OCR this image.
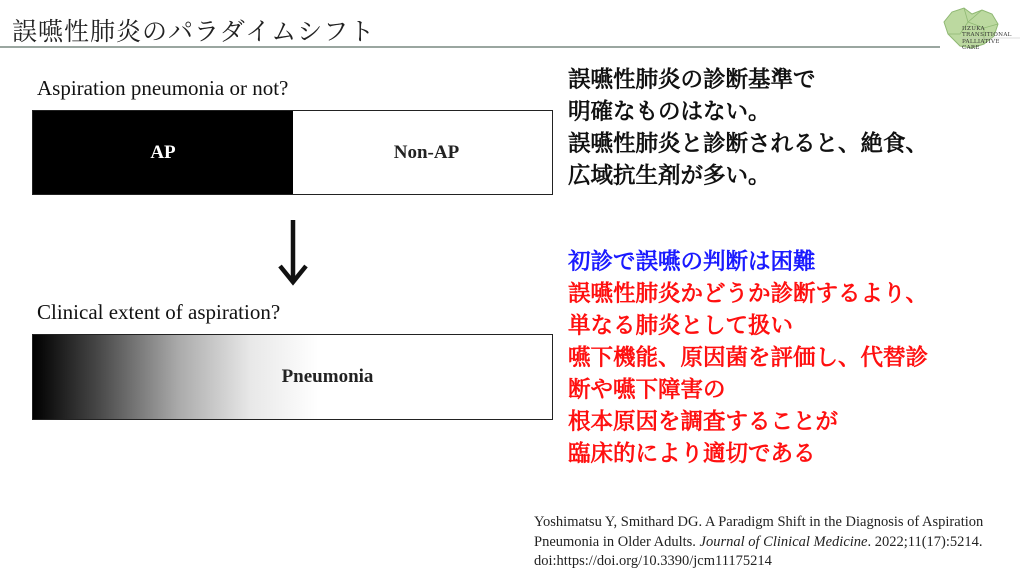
誤嚥性肺炎のパラダイムシフト	IIZUKA
TRANSITIONAL
PALLIATIVE
CARE
Aspiration pneumonia or not?
AP	Non-AP
Clinical extent of aspiration?
Pneumonia
誤嚥性肺炎の診断基準で
明確なものはない。
誤嚥性肺炎と診断されると、絶食、
広域抗生剤が多い。
初診で誤嚥の判断は困難
誤嚥性肺炎かどうか診断するより、
単なる肺炎として扱い
嚥下機能、原因菌を評価し、代替診
断や嚥下障害の
根本原因を調査することが
臨床的により適切である
Yoshimatsu Y, Smithard DG. A Paradigm Shift in the Diagnosis of Aspiration Pneumonia in Older Adults. Journal of Clinical Medicine. 2022;11(17):5214. doi:https://doi.org/10.3390/jcm11175214
